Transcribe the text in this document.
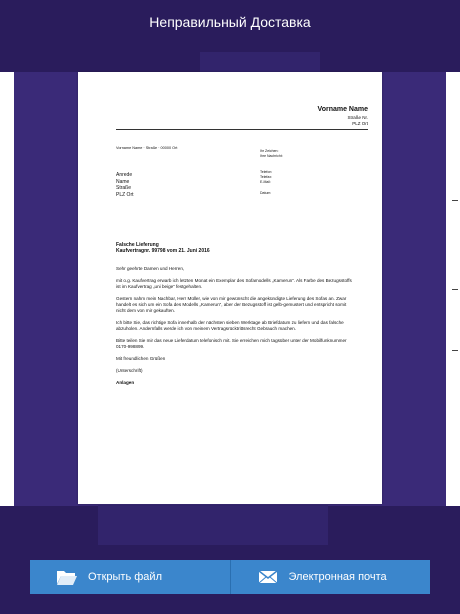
Неправильный Доставка
Vorname Name
Straße Nr.
PLZ Ort
Vorname Name · Straße · 00000 Ort
Ihr Zeichen:
Ihre Nachricht:
Telefon:
Telefax:
E-Mail:
Datum:
Anrede
Name
Straße
PLZ Ort
Falsche Lieferung
Kaufvertragnr. 99798 vom 21. Juni 2016

Sehr geehrte Damen und Herren,

mit o.g. Kaufvertrag erwarb ich letzten Monat ein Exemplar des Sofamodells „Kamerun“. Als Farbe des Bezugsstoffs ist im Kaufvertrag „uni beige“ festgehalten.

Gestern nahm mein Nachbar, Herr Müller, wie von mir gewünscht die angekündigte Lieferung des Sofas an. Zwar handelt es sich um ein Sofa des Modells „Kamerun“, aber der Bezugsstoff ist gelb-gemustert und entspricht somit nicht dem von mir gekauften.

Ich bitte Sie, das richtige Sofa innerhalb der nächsten sieben Werktage ab Briefdatum zu liefern und das falsche abzuholen. Andernfalls werde ich von meinem Vertragsrücktrittsrecht Gebrauch machen.

Bitte teilen Sie mir das neue Lieferdatum telefonisch mit. Sie erreichen mich tagsüber unter der Mobilfunknummer 0170-998899.

Mit freundlichen Grüßen

(Unterschrift)

Anlagen

Открыть файл	Электронная почта
